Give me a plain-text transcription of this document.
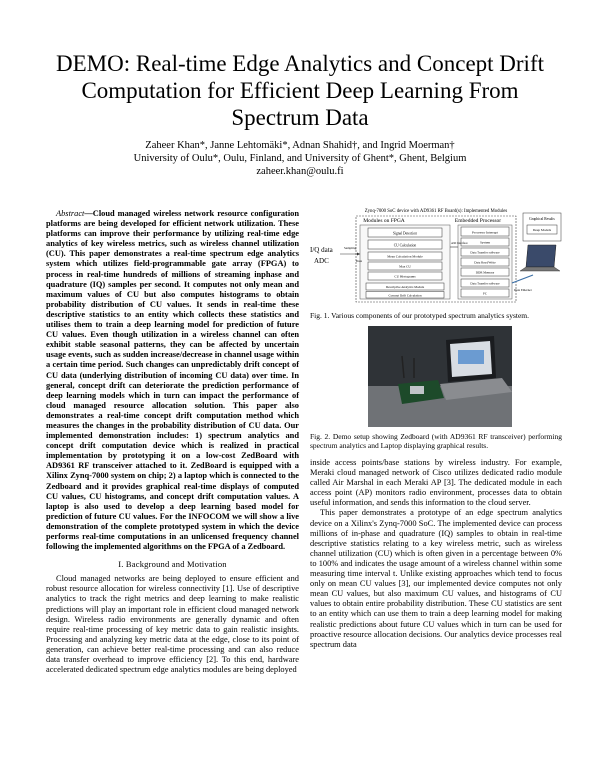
DEMO: Real-time Edge Analytics and Concept Drift Computation for Efficient Deep Learning From Spectrum Data
Zaheer Khan*, Janne Lehtomäki*, Adnan Shahid†, and Ingrid Moerman†
University of Oulu*, Oulu, Finland, and University of Ghent*, Ghent, Belgium
zaheer.khan@oulu.fi

Abstract—Cloud managed wireless network resource configuration platforms are being developed for efficient network utilization. These platforms can improve their performance by utilizing real-time edge analytics of key wireless metrics, such as wireless channel utilization (CU). This paper demonstrates a real-time spectrum edge analytics system which utilizes field-programmable gate array (FPGA) to process in real-time hundreds of millions of streaming inphase and quadrature (IQ) samples per second. It computes not only mean and maximum values of CU but also computes histograms to obtain probability distribution of CU values. It sends in real-time these descriptive statistics to an entity which collects these statistics and utilises them to train a deep learning model for prediction of future CU values. Even though utilization in a wireless channel can often exhibit stable seasonal patterns, they can be affected by uncertain usage events, such as sudden increase/decrease in channel usage within a certain time period. Such changes can unpredictably drift concept of CU data (underlying distribution of incoming CU data) over time. In general, concept drift can deteriorate the prediction performance of deep learning models which in turn can impact the performance of cloud managed resource allocation solution. This paper also demonstrates a real-time concept drift computation method which measures the changes in the probability distribution of CU data. Our implemented demonstration includes: 1) spectrum analytics and concept drift computation device which is realized in practical implementation by prototyping it on a low-cost ZedBoard with AD9361 RF transceiver attached to it. ZedBoard is equipped with a Xilinx Zynq-7000 system on chip; 2) a laptop which is connected to the Zedboard and it provides graphical real-time displays of computed CU values, CU histograms, and concept drift computation values. A laptop is also used to develop a deep learning based model for prediction of future CU values. For the INFOCOM we will show a live demonstration of the complete prototyped system in which the device performs real-time computations in an unlicensed frequency channel following the implemented algorithms on the FPGA of a Zedboard.

I. Background and Motivation

Cloud managed networks are being deployed to ensure efficient and robust resource allocation for wireless connectivity [1]. Use of descriptive analytics to track the right metrics and deep learning to make realistic predictions will play an important role in efficient cloud managed network design. Wireless radio environments are generally dynamic and often require real-time processing of key metric data to gain realistic insights. Processing and analyzing key metric data at the edge, close to its point of generation, can achieve better real-time processing and can also reduce data transfer overhead to improve efficiency [2]. To this end, hardware accelerated dedicated spectrum edge analytics modules are being deployed

Zynq-7000 SoC device with AD9361 RF Board(s): Implemented Modules
Modules on FPGA	Embedded Processor
Signal Detection
CU Calculation
Mean Calculation Module
Max CU
CU Histograms
Descriptive Analytics Module
Concept Drift Calculation
Processor Interrupt
System
Data Transfer software
Data Read/Write
DDR Memory
Data Transfer software
PC
I/Q data
ADC
Sampling
Data
AXI Interface
Graphical Results
Deep Models
Data Ethernet
Fig. 1. Various components of our prototyped spectrum analytics system.
Fig. 2. Demo setup showing Zedboard (with AD9361 RF transceiver) performing spectrum analytics and Laptop displaying graphical results.

inside access points/base stations by wireless industry. For example, Meraki cloud managed network of Cisco utilizes dedicated radio module called Air Marshal in each Meraki AP [3]. The dedicated module in each access point (AP) monitors radio environment, processes data to obtain useful information, and sends this information to the cloud server.

This paper demonstrates a prototype of an edge spectrum analytics device on a Xilinx's Zynq-7000 SoC. The implemented device can process millions of in-phase and quadrature (IQ) samples to obtain in real-time descriptive statistics relating to a key wireless metric, such as wireless channel utilization (CU) which is often given in a percentage between 0% to 100% and indicates the usage amount of a wireless channel within some measuring time interval t. Unlike existing approaches which tend to focus only on mean CU values [3], our implemented device computes not only mean CU values, but also maximum CU values, and histograms of CU values to obtain entire probability distribution. These CU statistics are sent to an entity which can use them to train a deep learning model for making realistic predictions about future CU values which in turn can be used for proactive resource allocation decisions. Our analytics device processes real spectrum data
